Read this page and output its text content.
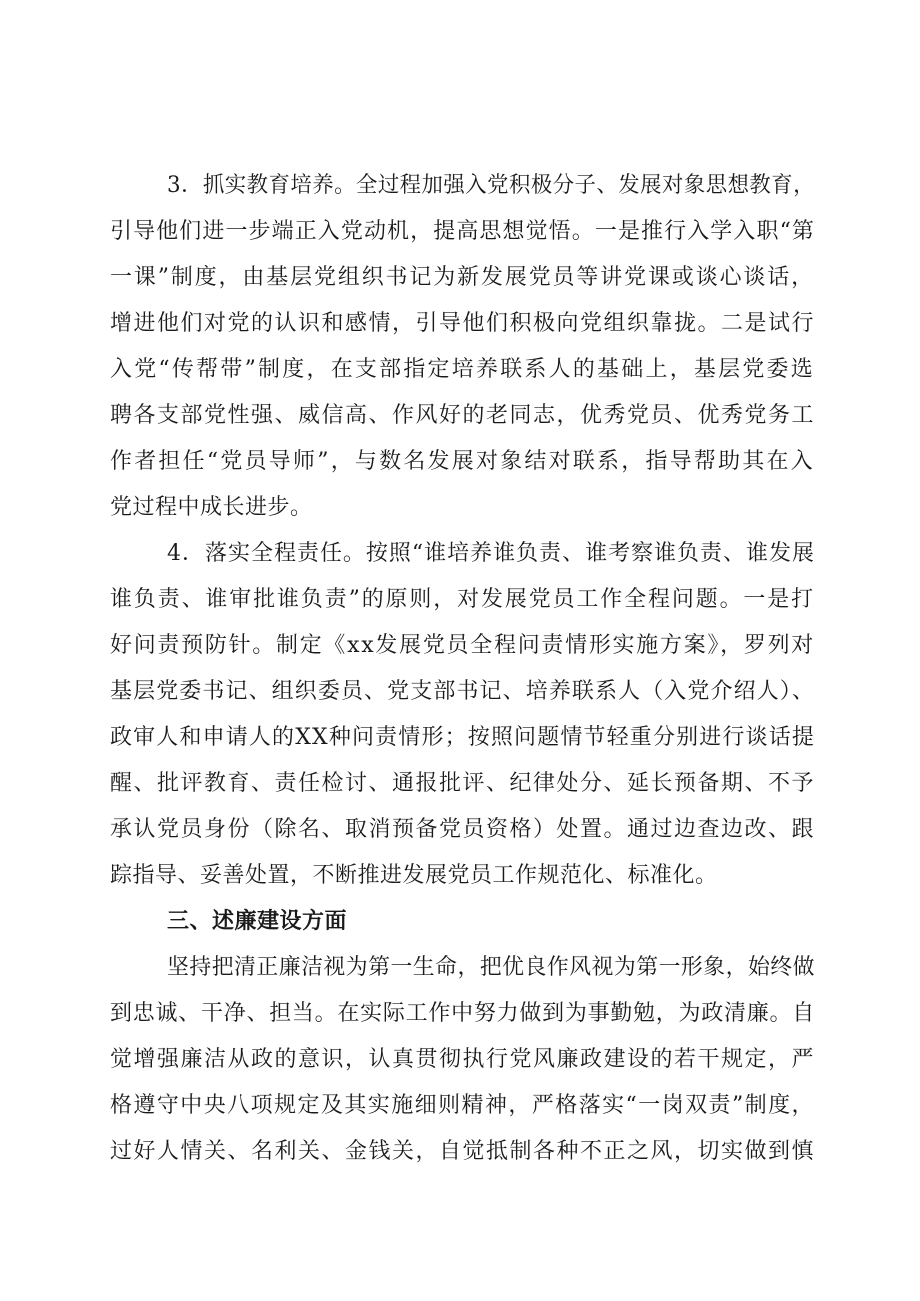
3．抓实教育培养。全过程加强入党积极分子、发展对象思想教育，

引导他们进一步端正入党动机，提高思想觉悟。一是推行入学入职“第

一课”制度，由基层党组织书记为新发展党员等讲党课或谈心谈话，

增进他们对党的认识和感情，引导他们积极向党组织靠拢。二是试行

入党“传帮带”制度，在支部指定培养联系人的基础上，基层党委选

聘各支部党性强、威信高、作风好的老同志，优秀党员、优秀党务工

作者担任“党员导师”，与数名发展对象结对联系，指导帮助其在入

党过程中成长进步。

4．落实全程责任。按照“谁培养谁负责、谁考察谁负责、谁发展

谁负责、谁审批谁负责”的原则，对发展党员工作全程问题。一是打

好问责预防针。制定《xx发展党员全程问责情形实施方案》，罗列对

基层党委书记、组织委员、党支部书记、培养联系人（入党介绍人）、

政审人和申请人的XX种问责情形；按照问题情节轻重分别进行谈话提

醒、批评教育、责任检讨、通报批评、纪律处分、延长预备期、不予

承认党员身份（除名、取消预备党员资格）处置。通过边查边改、跟

踪指导、妥善处置，不断推进发展党员工作规范化、标准化。

三、述廉建设方面

坚持把清正廉洁视为第一生命，把优良作风视为第一形象，始终做

到忠诚、干净、担当。在实际工作中努力做到为事勤勉，为政清廉。自

觉增强廉洁从政的意识，认真贯彻执行党风廉政建设的若干规定，严

格遵守中央八项规定及其实施细则精神，严格落实“一岗双责”制度，

过好人情关、名利关、金钱关，自觉抵制各种不正之风，切实做到慎
